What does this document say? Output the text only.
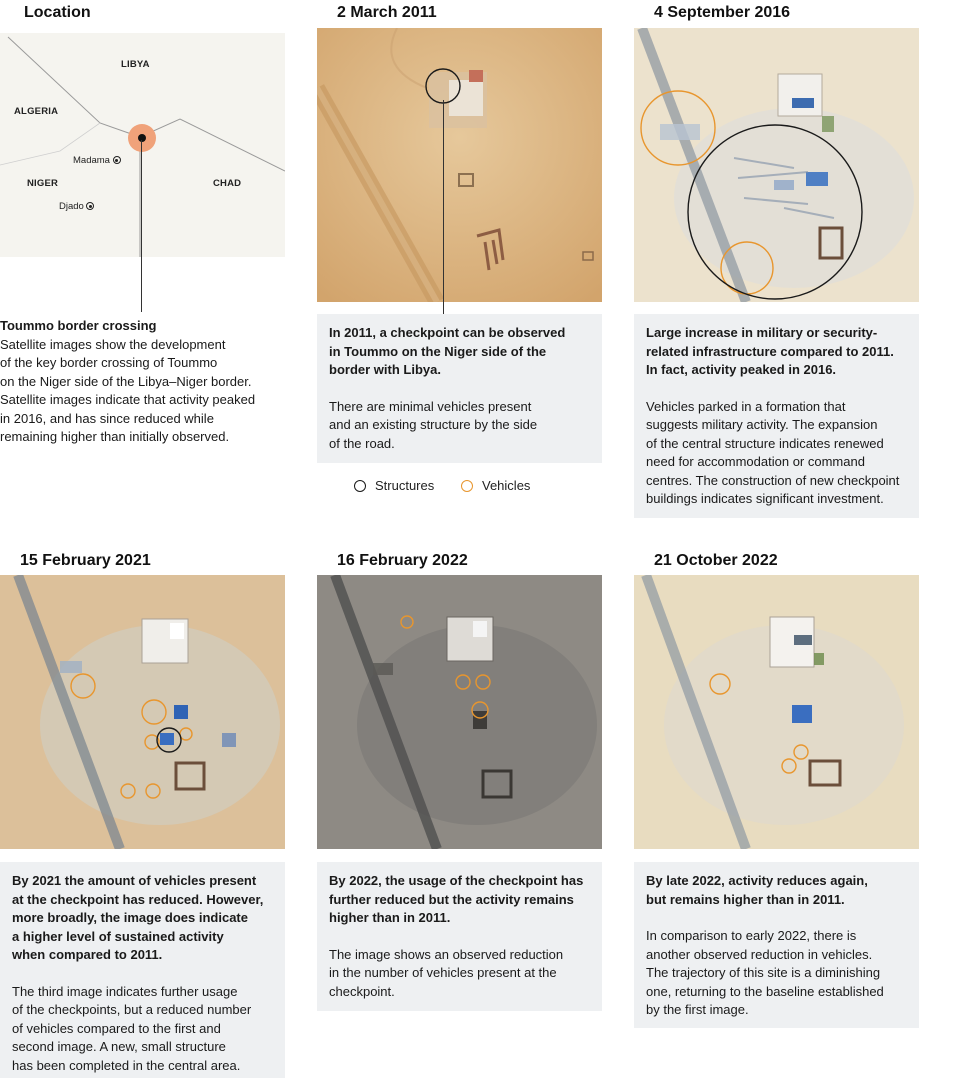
Location
LIBYA
ALGERIA
NIGER	CHAD
Madama
Djado

Toummo border crossing

Satellite images show the development

of the key border crossing of Toummo

on the Niger side of the Libya–Niger border.

Satellite images indicate that activity peaked

in 2016, and has since reduced while

remaining higher than initially observed.

2 March 2011

In 2011, a checkpoint can be observed
in Toummo on the Niger side of the
border with Libya.

There are minimal vehicles present
and an existing structure by the side
of the road.

Structures	Vehicles
4 September 2016

Large increase in military or security-
related infrastructure compared to 2011.
In fact, activity peaked in 2016.

Vehicles parked in a formation that
suggests military activity. The expansion
of the central structure indicates renewed
need for accommodation or command
centres. The construction of new checkpoint
buildings indicates significant investment.

15 February 2021

By 2021 the amount of vehicles present
at the checkpoint has reduced. However,
more broadly, the image does indicate
a higher level of sustained activity
when compared to 2011.

The third image indicates further usage
of the checkpoints, but a reduced number
of vehicles compared to the first and
second image. A new, small structure
has been completed in the central area.

16 February 2022

By 2022, the usage of the checkpoint has
further reduced but the activity remains
higher than in 2011.

The image shows an observed reduction
in the number of vehicles present at the
checkpoint.

21 October 2022

By late 2022, activity reduces again,
but remains higher than in 2011.

In comparison to early 2022, there is
another observed reduction in vehicles.
The trajectory of this site is a diminishing
one, returning to the baseline established
by the first image.
